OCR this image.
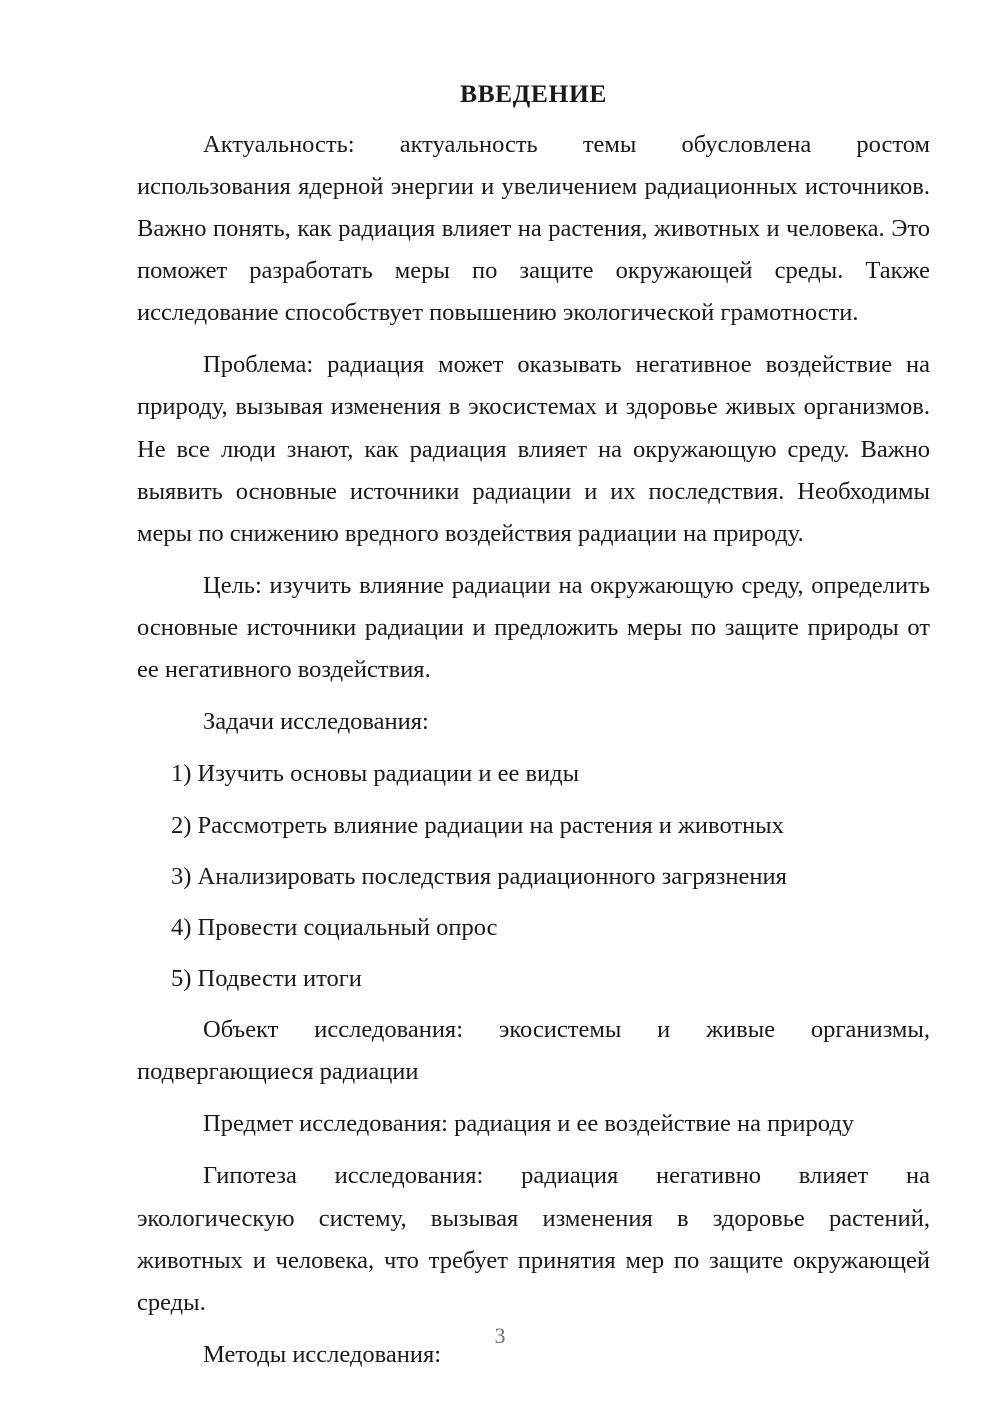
ВВЕДЕНИЕ

Актуальность: актуальность темы обусловлена ростом использования ядерной энергии и увеличением радиационных источников. Важно понять, как радиация влияет на растения, животных и человека. Это поможет разработать меры по защите окружающей среды. Также исследование способствует повышению экологической грамотности.

Проблема: радиация может оказывать негативное воздействие на природу, вызывая изменения в экосистемах и здоровье живых организмов. Не все люди знают, как радиация влияет на окружающую среду. Важно выявить основные источники радиации и их последствия. Необходимы меры по снижению вредного воздействия радиации на природу.

Цель: изучить влияние радиации на окружающую среду, определить основные источники радиации и предложить меры по защите природы от ее негативного воздействия.

Задачи исследования:

1) Изучить основы радиации и ее виды
2) Рассмотреть влияние радиации на растения и животных
3) Анализировать последствия радиационного загрязнения
4) Провести социальный опрос
5) Подвести итоги

Объект исследования: экосистемы и живые организмы, подвергающиеся радиации

Предмет исследования: радиация и ее воздействие на природу

Гипотеза исследования: радиация негативно влияет на экологическую систему, вызывая изменения в здоровье растений, животных и человека, что требует принятия мер по защите окружающей среды.

Методы исследования:

3
